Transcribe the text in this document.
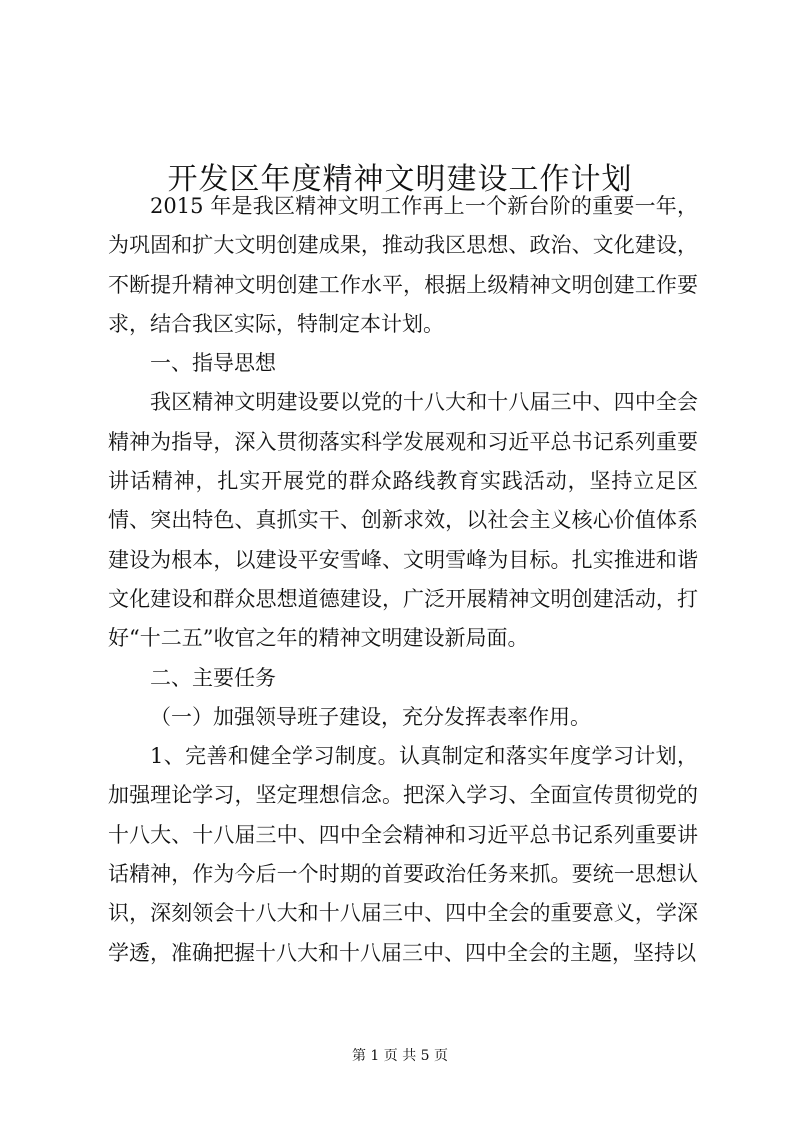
开发区年度精神文明建设工作计划

2015 年是我区精神文明工作再上一个新台阶的重要一年，为巩固和扩大文明创建成果，推动我区思想、政治、文化建设，不断提升精神文明创建工作水平，根据上级精神文明创建工作要求，结合我区实际，特制定本计划。

一、指导思想

我区精神文明建设要以党的十八大和十八届三中、四中全会精神为指导，深入贯彻落实科学发展观和习近平总书记系列重要讲话精神，扎实开展党的群众路线教育实践活动，坚持立足区情、突出特色、真抓实干、创新求效，以社会主义核心价值体系建设为根本，以建设平安雪峰、文明雪峰为目标。扎实推进和谐文化建设和群众思想道德建设，广泛开展精神文明创建活动，打好“十二五”收官之年的精神文明建设新局面。

二、主要任务

（一）加强领导班子建设，充分发挥表率作用。

1、完善和健全学习制度。认真制定和落实年度学习计划，加强理论学习，坚定理想信念。把深入学习、全面宣传贯彻党的十八大、十八届三中、四中全会精神和习近平总书记系列重要讲话精神，作为今后一个时期的首要政治任务来抓。要统一思想认识，深刻领会十八大和十八届三中、四中全会的重要意义，学深学透，准确把握十八大和十八届三中、四中全会的主题，坚持以

第 1 页 共 5 页
